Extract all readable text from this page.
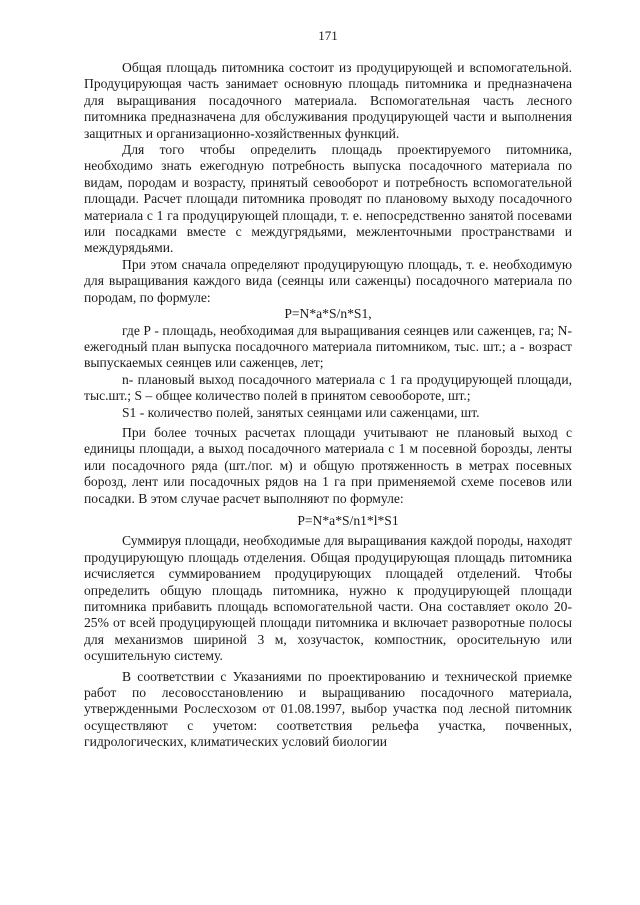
171

Общая площадь питомника состоит из продуцирующей и вспомогательной. Продуцирующая часть занимает основную площадь питомника и предназначена для выращивания посадочного материала. Вспомогательная часть лесного питомника предназначена для обслуживания продуцирующей части и выполнения защитных и организационно-хозяйственных функций.

Для того чтобы определить площадь проектируемого питомника, необходимо знать ежегодную потребность выпуска посадочного материала по видам, породам и возрасту, принятый севооборот и потребность вспомогательной площади. Расчет площади питомника проводят по плановому выходу посадочного материала с 1 га продуцирующей площади, т. е. непосредственно занятой посевами или посадками вместе с междугрядьями, межленточными пространствами и междурядьями.

При этом сначала определяют продуцирующую площадь, т. е. необходимую для выращивания каждого вида (сеянцы или саженцы) посадочного материала по породам, по формуле:

P=N*a*S/n*S1,

где Р - площадь, необходимая для выращивания сеянцев или саженцев, га; N- ежегодный план выпуска посадочного материала питомником, тыс. шт.; а - возраст выпускаемых сеянцев или саженцев, лет;

n- плановый выход посадочного материала с 1 га продуцирующей площади, тыс.шт.; S – общее количество полей в принятом севообороте, шт.;

S1 - количество полей, занятых сеянцами или саженцами, шт.

При более точных расчетах площади учитывают не плановый выход с единицы площади, а выход посадочного материала с 1 м посевной борозды, ленты или посадочного ряда (шт./пог. м) и общую протяженность в метрах посевных борозд, лент или посадочных рядов на 1 га при применяемой схеме посевов или посадки. В этом случае расчет выполняют по формуле:

P=N*a*S/n1*l*S1

Суммируя площади, необходимые для выращивания каждой породы, находят продуцирующую площадь отделения. Общая продуцирующая площадь питомника исчисляется суммированием продуцирующих площадей отделений. Чтобы определить общую площадь питомника, нужно к продуцирующей площади питомника прибавить площадь вспомогательной части. Она составляет около 20-25% от всей продуцирующей площади питомника и включает разворотные полосы для механизмов шириной 3 м, хозучасток, компостник, оросительную или осушительную систему.

В соответствии с Указаниями по проектированию и технической приемке работ по лесовосстановлению и выращиванию посадочного материала, утвержденными Рослесхозом от 01.08.1997, выбор участка под лесной питомник осуществляют с учетом: соответствия рельефа участка, почвенных, гидрологических, климатических условий биологии
